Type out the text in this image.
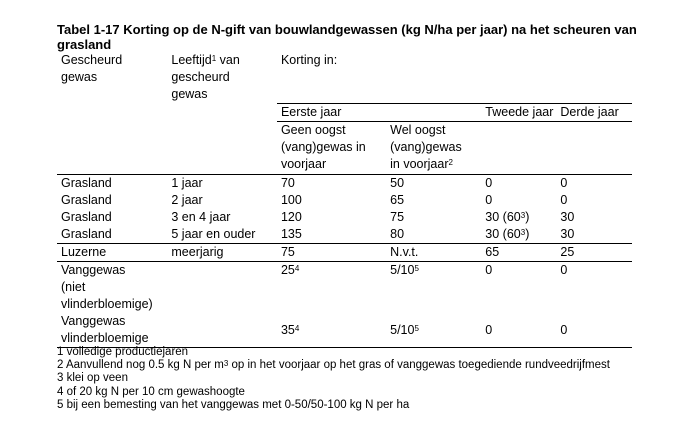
Tabel 1-17 Korting op de N-gift van bouwlandgewassen (kg N/ha per jaar) na het scheuren van grasland
Gescheurd gewas	Leeftijd$^1$ van gescheurd gewas	Korting in:			
		Eerste jaar		Tweede jaar	Derde jaar

		Geen oogst (vang)gewas in voorjaar	Wel oogst (vang)gewas in voorjaar$^2$

Grasland	1 jaar	70	50	0	0
Grasland	2 jaar	100	65	0	0
Grasland	3 en 4 jaar	120	75	30 $(60^3)$	30
Grasland	5 jaar en ouder	135	80	30 $(60^3)$	30
Luzerne	meerjarig	75	N.v.t.	65	25

Vanggewas (niet vlinderbloemige)		$25^4$	$5/10^5$	0	0

Vanggewas vlinderbloemige		$35^4$	$5/10^5$	0	0
1 volledige productiejaren
2 Aanvullend nog 0.5 kg N per $m^3$ op in het voorjaar op het gras of vanggewas toegediende rundveedrijfmest
3 klei op veen
4 of 20 kg N per 10 cm gewashoogte
5 bij een bemesting van het vanggewas met 0-50/50-100 kg N per ha
